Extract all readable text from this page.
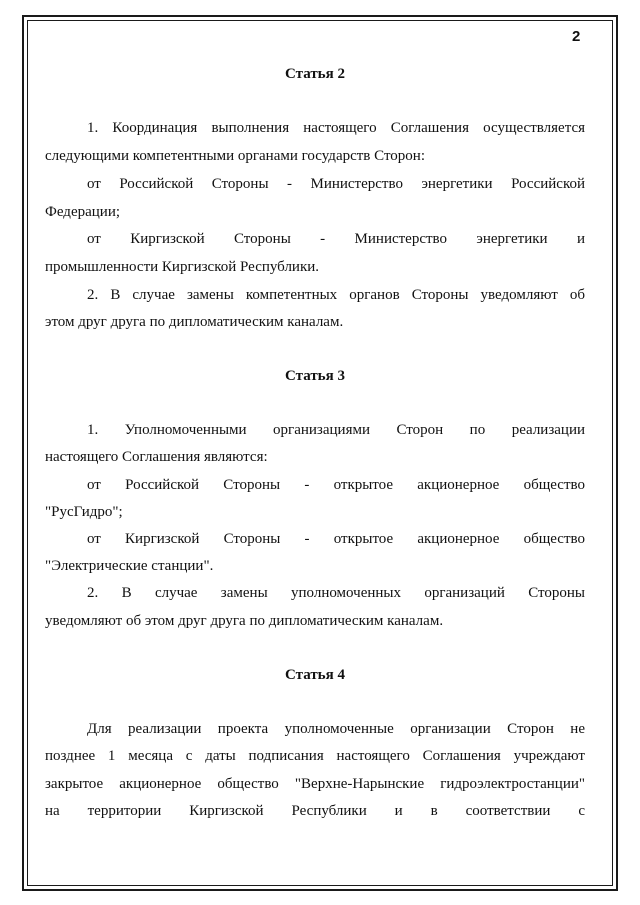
2
Статья 2
1. Координация выполнения настоящего Соглашения осуществляется
следующими компетентными органами государств Сторон:
от Российской Стороны - Министерство энергетики Российской
Федерации;
от Киргизской Стороны - Министерство энергетики и
промышленности Киргизской Республики.
2. В случае замены компетентных органов Стороны уведомляют об
этом друг друга по дипломатическим каналам.
Статья 3
1. Уполномоченными организациями Сторон по реализации
настоящего Соглашения являются:
от Российской Стороны - открытое акционерное общество
"РусГидро";
от Киргизской Стороны - открытое акционерное общество
"Электрические станции".
2. В случае замены уполномоченных организаций Стороны
уведомляют об этом друг друга по дипломатическим каналам.
Статья 4
Для реализации проекта уполномоченные организации Сторон не
позднее 1 месяца с даты подписания настоящего Соглашения учреждают
закрытое акционерное общество "Верхне-Нарынские гидроэлектростанции"
на территории Киргизской Республики и в соответствии с
